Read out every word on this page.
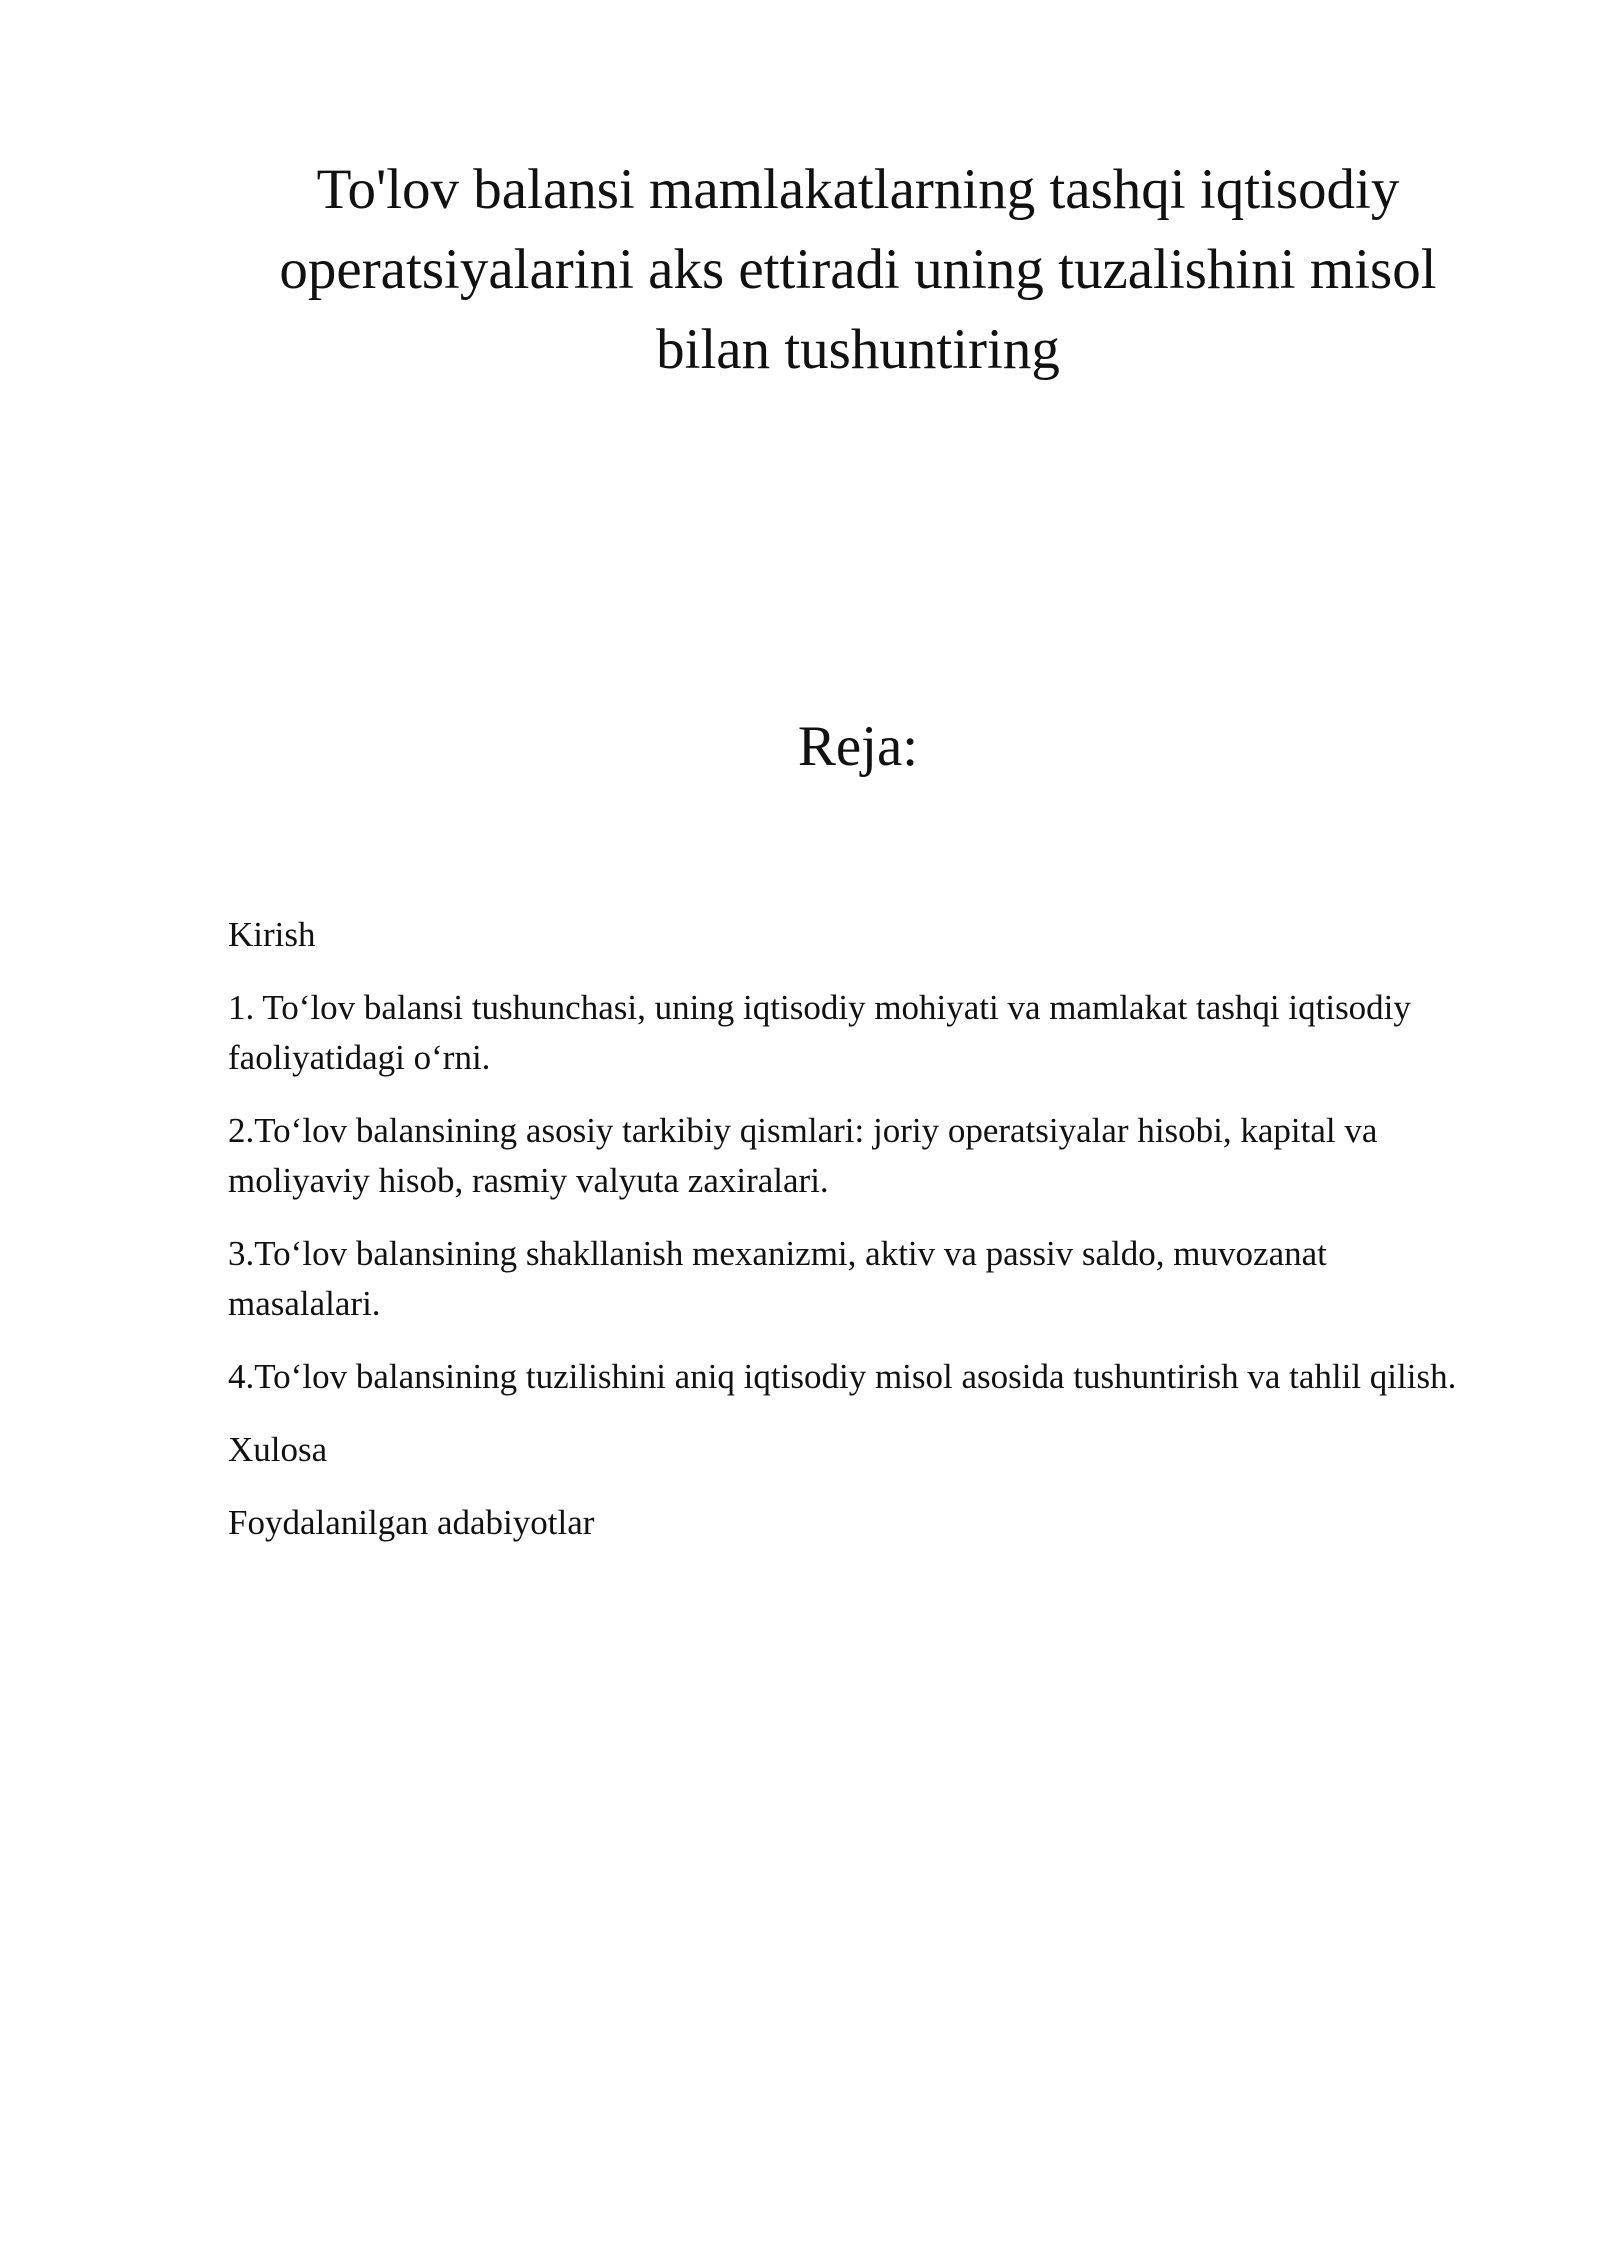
To'lov balansi mamlakatlarning tashqi iqtisodiy operatsiyalarini aks ettiradi uning tuzalishini misol bilan tushuntiring
Reja:
Kirish
1. To‘lov balansi tushunchasi, uning iqtisodiy mohiyati va mamlakat tashqi iqtisodiy faoliyatidagi o‘rni.
2.To‘lov balansining asosiy tarkibiy qismlari: joriy operatsiyalar hisobi, kapital va moliyaviy hisob, rasmiy valyuta zaxiralari.
3.To‘lov balansining shakllanish mexanizmi, aktiv va passiv saldo, muvozanat masalalari.
4.To‘lov balansining tuzilishini aniq iqtisodiy misol asosida tushuntirish va tahlil qilish.
Xulosa
Foydalanilgan adabiyotlar
